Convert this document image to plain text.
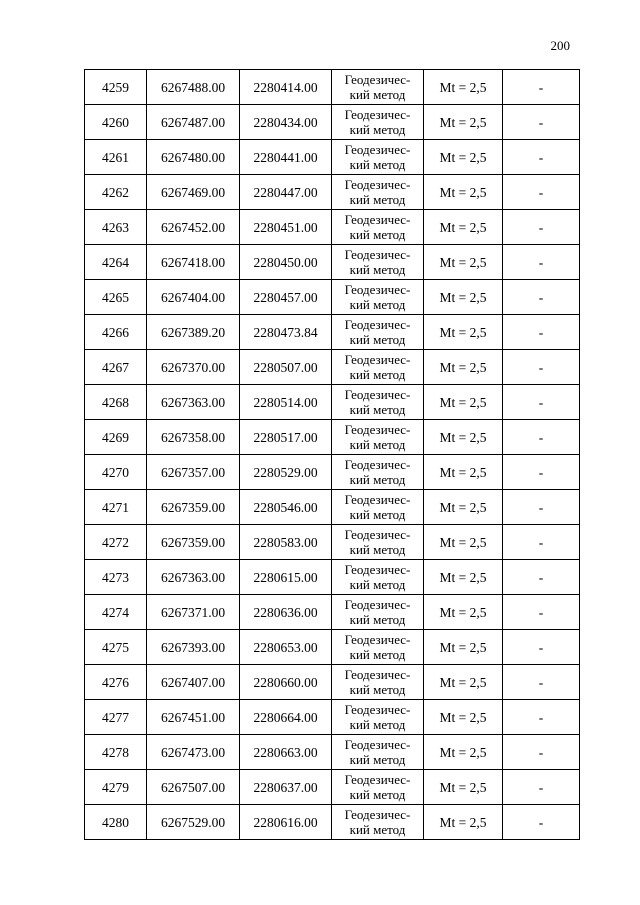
200
4259	6267488.00	2280414.00	Геодезичес-кий метод	Mt = 2,5	-
4260	6267487.00	2280434.00	Геодезичес-кий метод	Mt = 2,5	-
4261	6267480.00	2280441.00	Геодезичес-кий метод	Mt = 2,5	-
4262	6267469.00	2280447.00	Геодезичес-кий метод	Mt = 2,5	-
4263	6267452.00	2280451.00	Геодезичес-кий метод	Mt = 2,5	-
4264	6267418.00	2280450.00	Геодезичес-кий метод	Mt = 2,5	-
4265	6267404.00	2280457.00	Геодезичес-кий метод	Mt = 2,5	-
4266	6267389.20	2280473.84	Геодезичес-кий метод	Mt = 2,5	-
4267	6267370.00	2280507.00	Геодезичес-кий метод	Mt = 2,5	-
4268	6267363.00	2280514.00	Геодезичес-кий метод	Mt = 2,5	-
4269	6267358.00	2280517.00	Геодезичес-кий метод	Mt = 2,5	-
4270	6267357.00	2280529.00	Геодезичес-кий метод	Mt = 2,5	-
4271	6267359.00	2280546.00	Геодезичес-кий метод	Mt = 2,5	-
4272	6267359.00	2280583.00	Геодезичес-кий метод	Mt = 2,5	-
4273	6267363.00	2280615.00	Геодезичес-кий метод	Mt = 2,5	-
4274	6267371.00	2280636.00	Геодезичес-кий метод	Mt = 2,5	-
4275	6267393.00	2280653.00	Геодезичес-кий метод	Mt = 2,5	-
4276	6267407.00	2280660.00	Геодезичес-кий метод	Mt = 2,5	-
4277	6267451.00	2280664.00	Геодезичес-кий метод	Mt = 2,5	-
4278	6267473.00	2280663.00	Геодезичес-кий метод	Mt = 2,5	-
4279	6267507.00	2280637.00	Геодезичес-кий метод	Mt = 2,5	-
4280	6267529.00	2280616.00	Геодезичес-кий метод	Mt = 2,5	-
